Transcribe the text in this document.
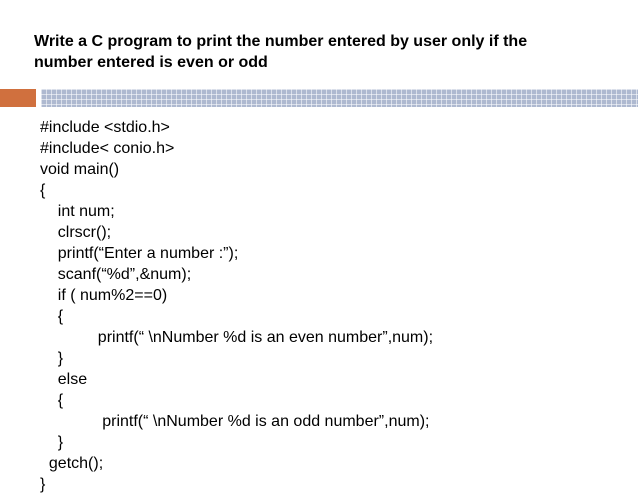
Write a C program to print the number entered by user only if the
number entered is even or odd
#include <stdio.h>
#include< conio.h>
void main()
{
int num;
clrscr();
printf(“Enter a number :”);
scanf(“%d”,&num);
if ( num%2==0)
{
printf(“ \nNumber %d is an even number”,num);
}
else
{
printf(“ \nNumber %d is an odd number”,num);
}
getch();
}
